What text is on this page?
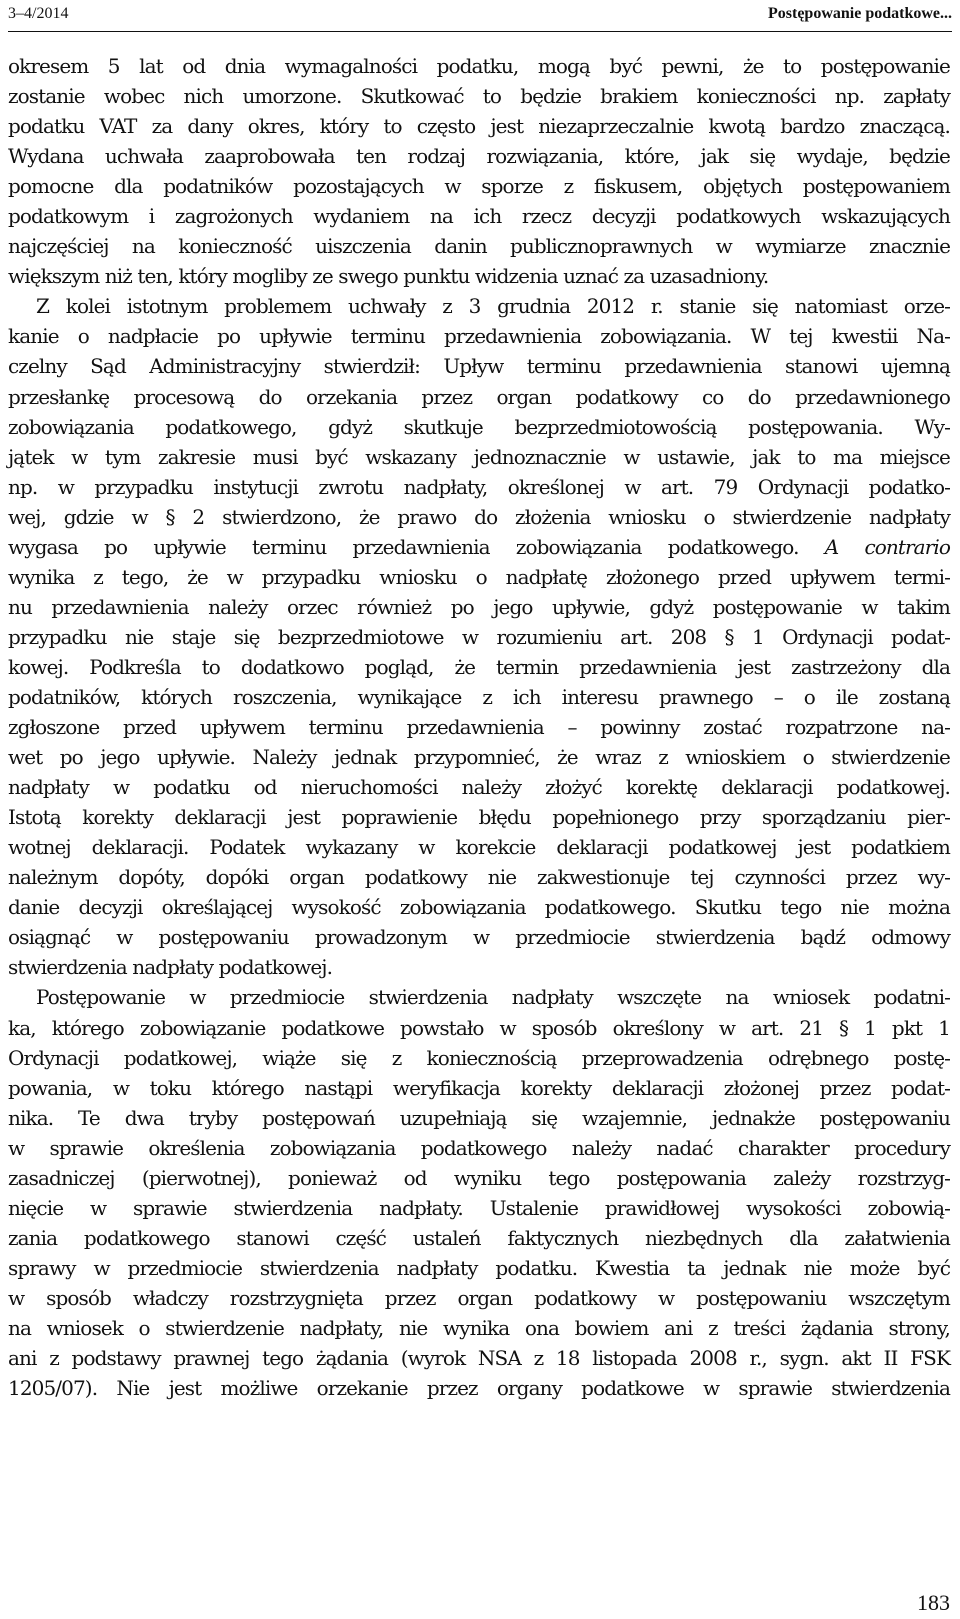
3–4/2014	Postępowanie podatkowe...
okresem 5 lat od dnia wymagalności podatku, mogą być pewni, że to postępowanie
zostanie wobec nich umorzone. Skutkować to będzie brakiem konieczności np. zapłaty
podatku VAT za dany okres, który to często jest niezaprzeczalnie kwotą bardzo znaczącą.
Wydana uchwała zaaprobowała ten rodzaj rozwiązania, które, jak się wydaje, będzie
pomocne dla podatników pozostających w sporze z fiskusem, objętych postępowaniem
podatkowym i zagrożonych wydaniem na ich rzecz decyzji podatkowych wskazujących
najczęściej na konieczność uiszczenia danin publicznoprawnych w wymiarze znacznie
większym niż ten, który mogliby ze swego punktu widzenia uznać za uzasadniony.
Z kolei istotnym problemem uchwały z 3 grudnia 2012 r. stanie się natomiast orze-
kanie o nadpłacie po upływie terminu przedawnienia zobowiązania. W tej kwestii Na-
czelny Sąd Administracyjny stwierdził: Upływ terminu przedawnienia stanowi ujemną
przesłankę procesową do orzekania przez organ podatkowy co do przedawnionego
zobowiązania podatkowego, gdyż skutkuje bezprzedmiotowością postępowania. Wy-
jątek w tym zakresie musi być wskazany jednoznacznie w ustawie, jak to ma miejsce
np. w przypadku instytucji zwrotu nadpłaty, określonej w art. 79 Ordynacji podatko-
wej, gdzie w § 2 stwierdzono, że prawo do złożenia wniosku o stwierdzenie nadpłaty
wygasa po upływie terminu przedawnienia zobowiązania podatkowego. A contrario
wynika z tego, że w przypadku wniosku o nadpłatę złożonego przed upływem termi-
nu przedawnienia należy orzec również po jego upływie, gdyż postępowanie w takim
przypadku nie staje się bezprzedmiotowe w rozumieniu art. 208 § 1 Ordynacji podat-
kowej. Podkreśla to dodatkowo pogląd, że termin przedawnienia jest zastrzeżony dla
podatników, których roszczenia, wynikające z ich interesu prawnego – o ile zostaną
zgłoszone przed upływem terminu przedawnienia – powinny zostać rozpatrzone na-
wet po jego upływie. Należy jednak przypomnieć, że wraz z wnioskiem o stwierdzenie
nadpłaty w podatku od nieruchomości należy złożyć korektę deklaracji podatkowej.
Istotą korekty deklaracji jest poprawienie błędu popełnionego przy sporządzaniu pier-
wotnej deklaracji. Podatek wykazany w korekcie deklaracji podatkowej jest podatkiem
należnym dopóty, dopóki organ podatkowy nie zakwestionuje tej czynności przez wy-
danie decyzji określającej wysokość zobowiązania podatkowego. Skutku tego nie można
osiągnąć w postępowaniu prowadzonym w przedmiocie stwierdzenia bądź odmowy
stwierdzenia nadpłaty podatkowej.
Postępowanie w przedmiocie stwierdzenia nadpłaty wszczęte na wniosek podatni-
ka, którego zobowiązanie podatkowe powstało w sposób określony w art. 21 § 1 pkt 1
Ordynacji podatkowej, wiąże się z koniecznością przeprowadzenia odrębnego postę-
powania, w toku którego nastąpi weryfikacja korekty deklaracji złożonej przez podat-
nika. Te dwa tryby postępowań uzupełniają się wzajemnie, jednakże postępowaniu
w sprawie określenia zobowiązania podatkowego należy nadać charakter procedury
zasadniczej (pierwotnej), ponieważ od wyniku tego postępowania zależy rozstrzyg-
nięcie w sprawie stwierdzenia nadpłaty. Ustalenie prawidłowej wysokości zobowią-
zania podatkowego stanowi część ustaleń faktycznych niezbędnych dla załatwienia
sprawy w przedmiocie stwierdzenia nadpłaty podatku. Kwestia ta jednak nie może być
w sposób władczy rozstrzygnięta przez organ podatkowy w postępowaniu wszczętym
na wniosek o stwierdzenie nadpłaty, nie wynika ona bowiem ani z treści żądania strony,
ani z podstawy prawnej tego żądania (wyrok NSA z 18 listopada 2008 r., sygn. akt II FSK
1205/07). Nie jest możliwe orzekanie przez organy podatkowe w sprawie stwierdzenia
183
